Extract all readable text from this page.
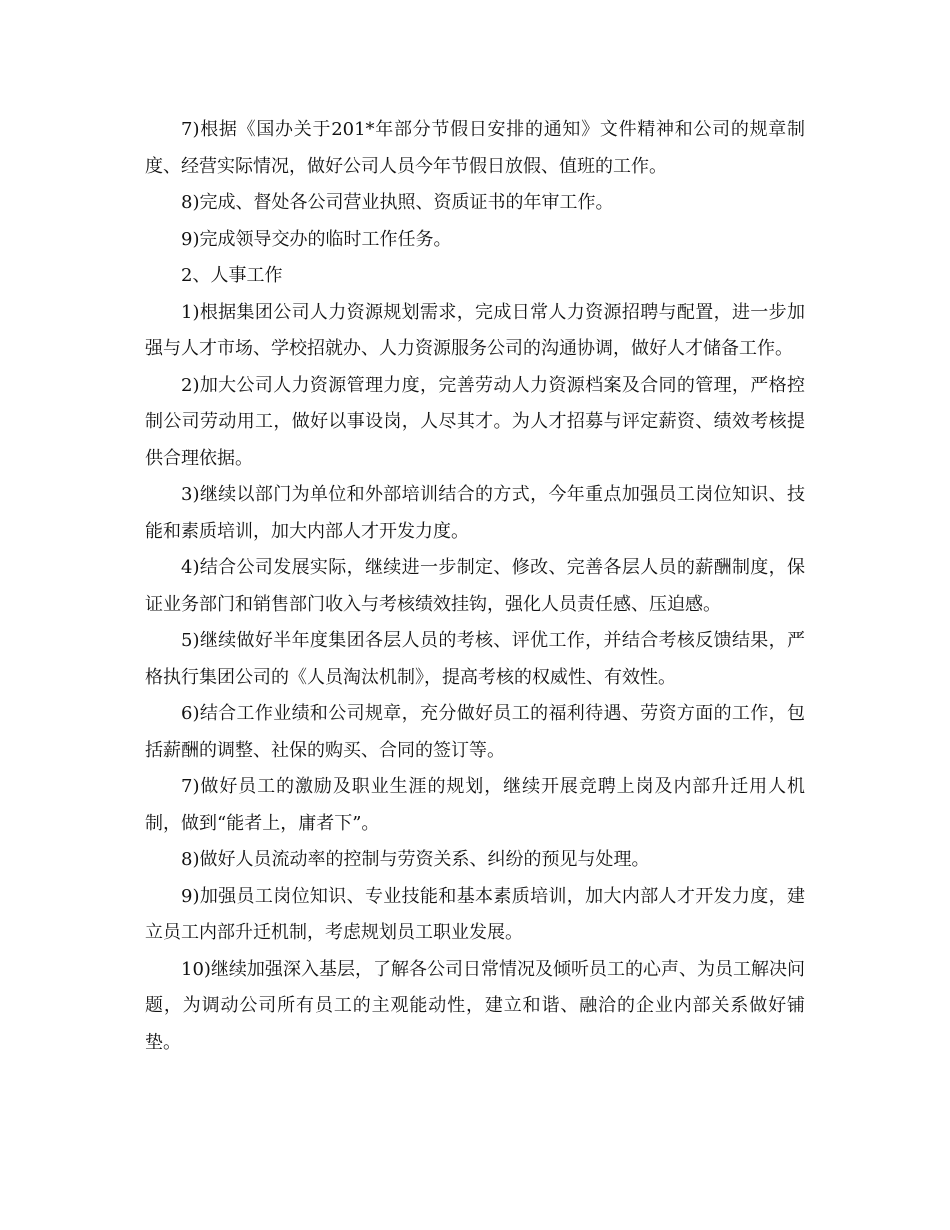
7)根据《国办关于201*年部分节假日安排的通知》文件精神和公司的规章制度、经营实际情况，做好公司人员今年节假日放假、值班的工作。

8)完成、督处各公司营业执照、资质证书的年审工作。

9)完成领导交办的临时工作任务。

2、人事工作

1)根据集团公司人力资源规划需求，完成日常人力资源招聘与配置，进一步加强与人才市场、学校招就办、人力资源服务公司的沟通协调，做好人才储备工作。

2)加大公司人力资源管理力度，完善劳动人力资源档案及合同的管理，严格控制公司劳动用工，做好以事设岗，人尽其才。为人才招募与评定薪资、绩效考核提供合理依据。

3)继续以部门为单位和外部培训结合的方式，今年重点加强员工岗位知识、技能和素质培训，加大内部人才开发力度。

4)结合公司发展实际，继续进一步制定、修改、完善各层人员的薪酬制度，保证业务部门和销售部门收入与考核绩效挂钩，强化人员责任感、压迫感。

5)继续做好半年度集团各层人员的考核、评优工作，并结合考核反馈结果，严格执行集团公司的《人员淘汰机制》，提高考核的权威性、有效性。

6)结合工作业绩和公司规章，充分做好员工的福利待遇、劳资方面的工作，包括薪酬的调整、社保的购买、合同的签订等。

7)做好员工的激励及职业生涯的规划，继续开展竞聘上岗及内部升迁用人机制，做到“能者上，庸者下”。

8)做好人员流动率的控制与劳资关系、纠纷的预见与处理。

9)加强员工岗位知识、专业技能和基本素质培训，加大内部人才开发力度，建立员工内部升迁机制，考虑规划员工职业发展。

10)继续加强深入基层，了解各公司日常情况及倾听员工的心声、为员工解决问题，为调动公司所有员工的主观能动性，建立和谐、融洽的企业内部关系做好铺垫。
